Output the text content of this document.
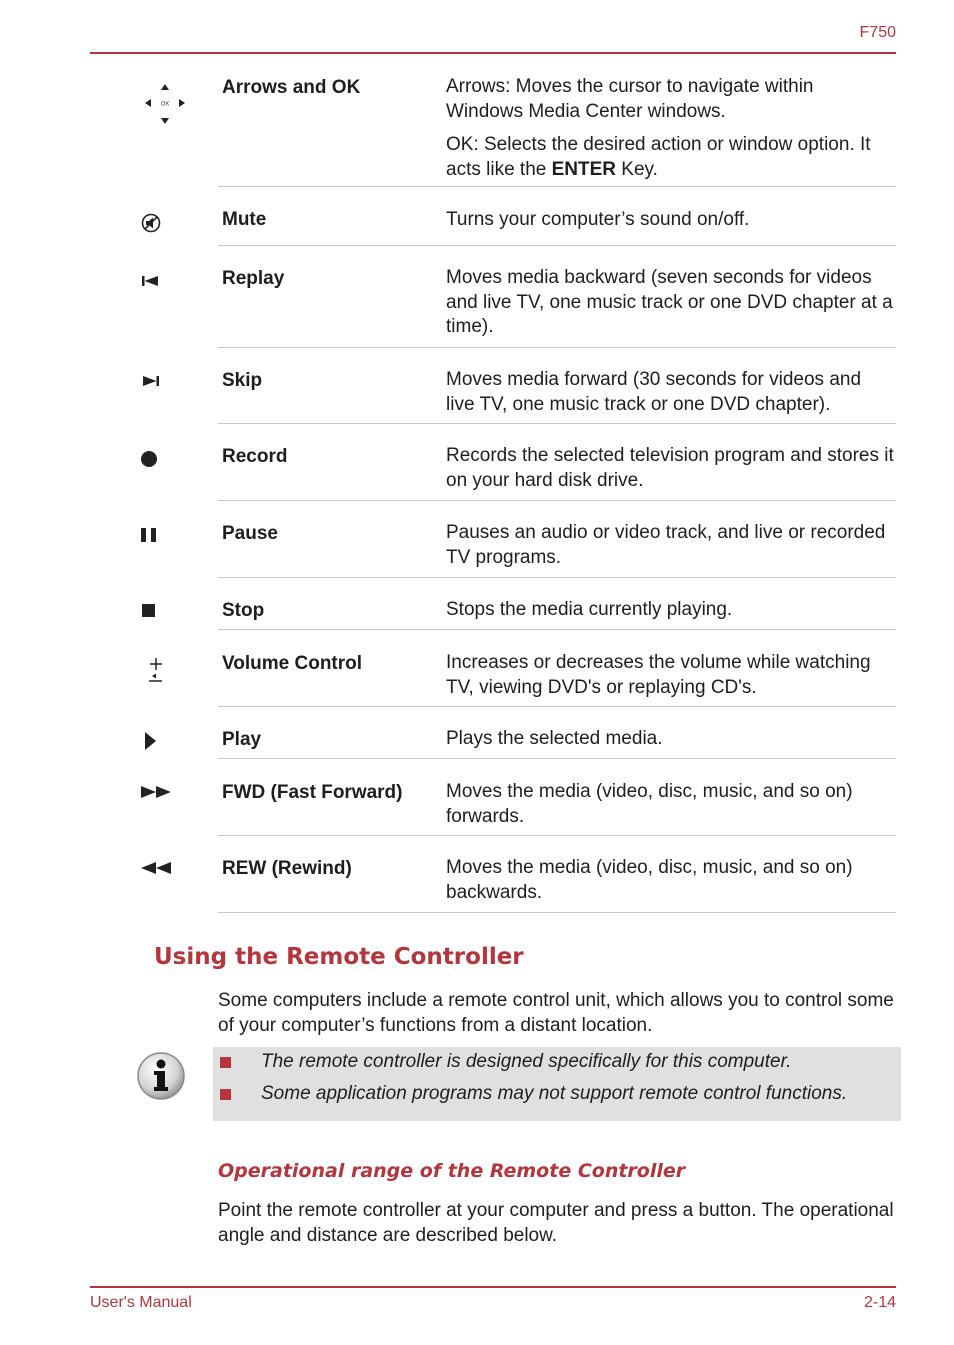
F750
Arrows and OK	Arrows: Moves the cursor to navigate within Windows Media Center windows.

OK: Selects the desired action or window option. It acts like the ENTER Key.

OK
Mute	Turns your computer’s sound on/off.

Replay	Moves media backward (seven seconds for videos and live TV, one music track or one DVD chapter at a time).

Skip	Moves media forward (30 seconds for videos and live TV, one music track or one DVD chapter).

Record	Records the selected television program and stores it on your hard disk drive.

Pause	Pauses an audio or video track, and live or recorded TV programs.

Stop	Stops the media currently playing.

Volume Control	Increases or decreases the volume while watching TV, viewing DVD's or replaying CD's.

Play	Plays the selected media.

FWD (Fast Forward) Moves the media (video, disc, music, and so on) forwards.

REW (Rewind)	Moves the media (video, disc, music, and so on) backwards.

Using the Remote Controller
Some computers include a remote control unit, which allows you to control some of your computer’s functions from a distant location.
The remote controller is designed specifically for this computer.
Some application programs may not support remote control functions.
Operational range of the Remote Controller
Point the remote controller at your computer and press a button. The operational angle and distance are described below.
User's Manual	2-14
